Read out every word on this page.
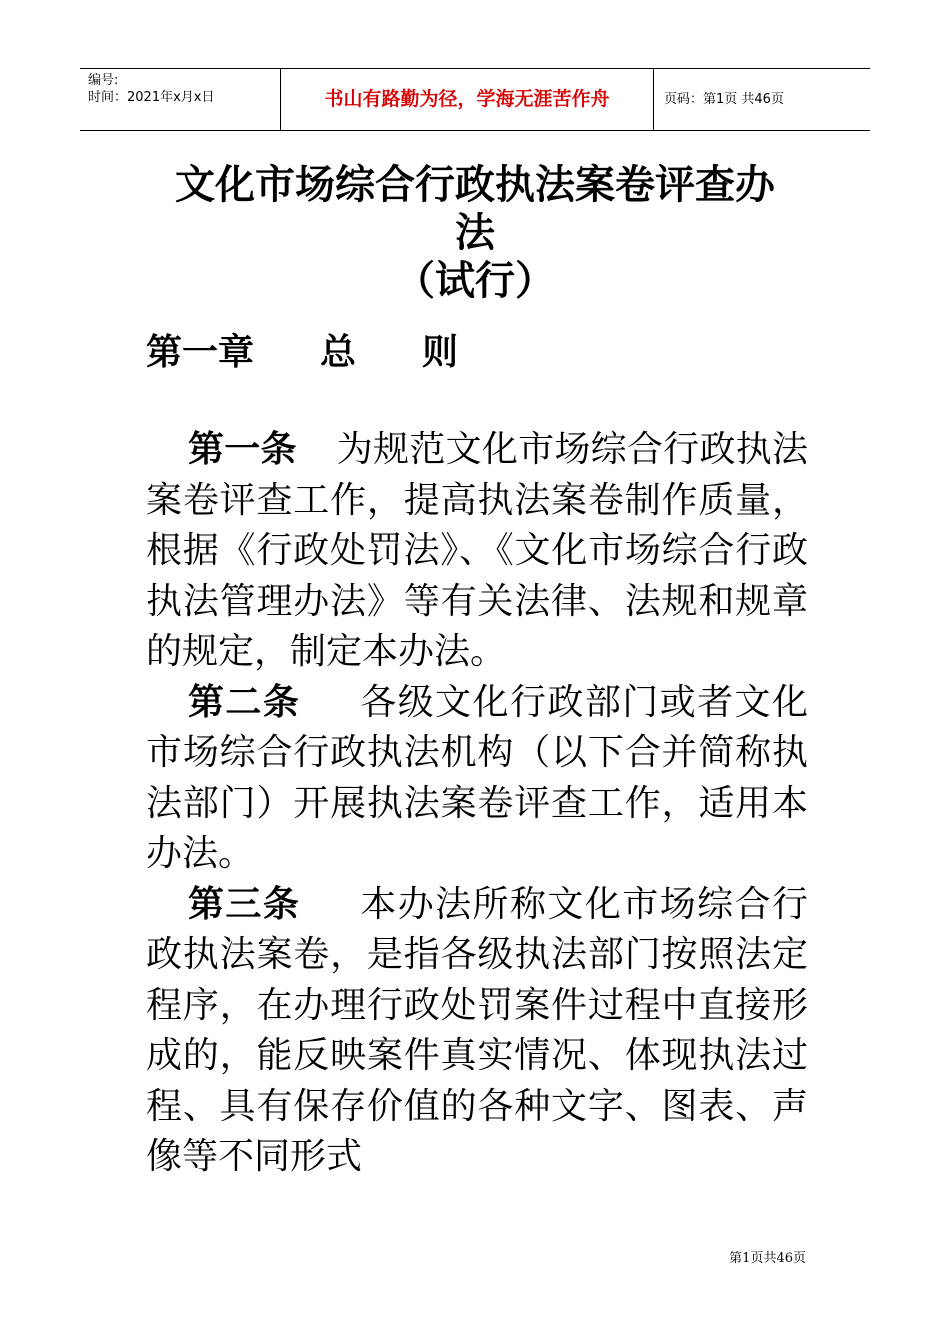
编号:
时间：2021年x月x日	书山有路勤为径，学海无涯苦作舟	页码：第1页 共46页
文化市场综合行政执法案卷评查办
法
（试行）
第一章 总 则

第一条 为规范文化市场综合行政执法案卷评查工作，提高执法案卷制作质量，根据《行政处罚法》、《文化市场综合行政执法管理办法》等有关法律、法规和规章的规定，制定本办法。

第二条 各级文化行政部门或者文化市场综合行政执法机构（以下合并简称执法部门）开展执法案卷评查工作，适用本办法。

第三条 本办法所称文化市场综合行政执法案卷，是指各级执法部门按照法定程序，在办理行政处罚案件过程中直接形成的，能反映案件真实情况、体现执法过程、具有保存价值的各种文字、图表、声像等不同形式

第1页共46页
